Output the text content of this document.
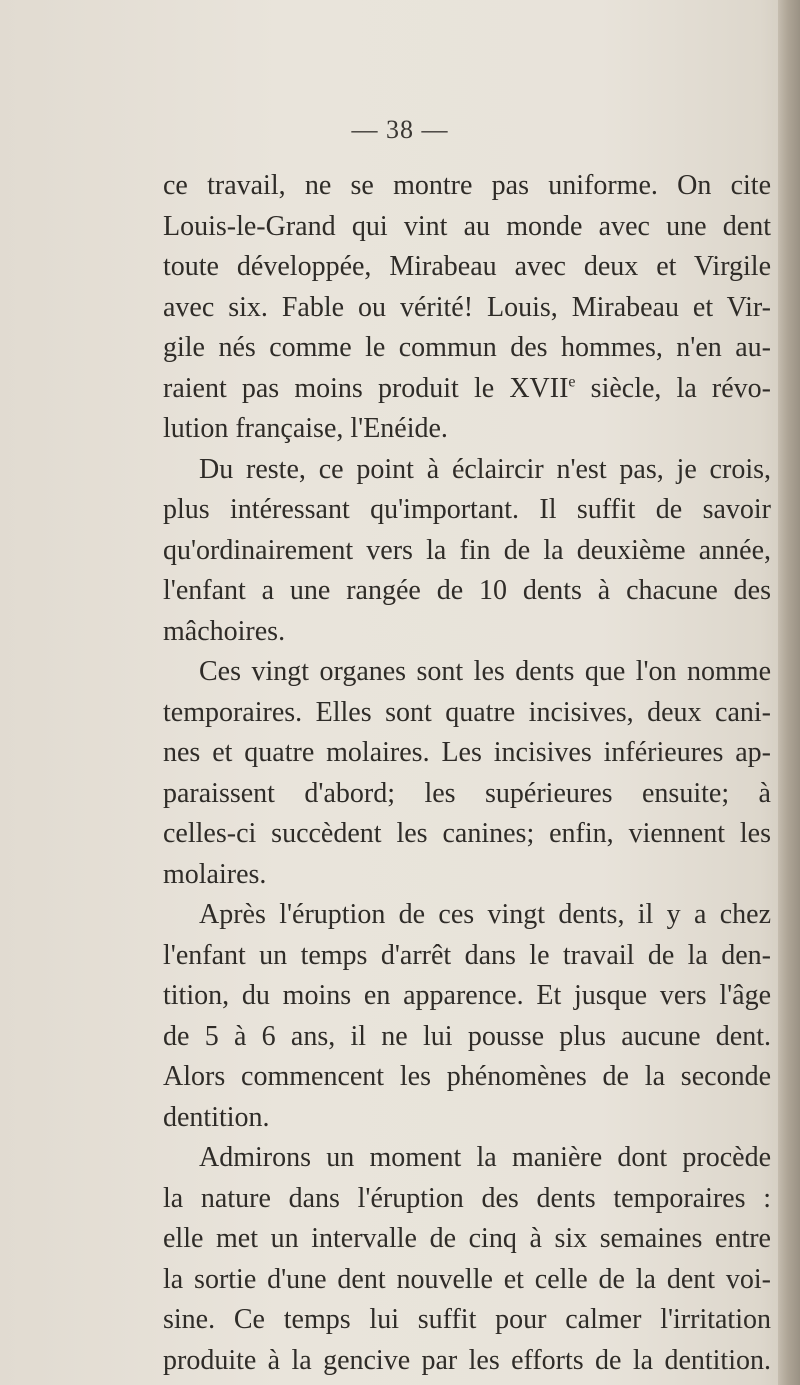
— 38 —
ce travail, ne se montre pas uniforme. On cite
Louis-le-Grand qui vint au monde avec une dent
toute développée, Mirabeau avec deux et Virgile
avec six. Fable ou vérité! Louis, Mirabeau et Vir-
gile nés comme le commun des hommes, n'en au-
raient pas moins produit le XVIIe siècle, la révo-
lution française, l'Enéide.
Du reste, ce point à éclaircir n'est pas, je crois,
plus intéressant qu'important. Il suffit de savoir
qu'ordinairement vers la fin de la deuxième année,
l'enfant a une rangée de 10 dents à chacune des
mâchoires.
Ces vingt organes sont les dents que l'on nomme
temporaires. Elles sont quatre incisives, deux cani-
nes et quatre molaires. Les incisives inférieures ap-
paraissent d'abord; les supérieures ensuite; à
celles-ci succèdent les canines; enfin, viennent les
molaires.
Après l'éruption de ces vingt dents, il y a chez
l'enfant un temps d'arrêt dans le travail de la den-
tition, du moins en apparence. Et jusque vers l'âge
de 5 à 6 ans, il ne lui pousse plus aucune dent.
Alors commencent les phénomènes de la seconde
dentition.
Admirons un moment la manière dont procède
la nature dans l'éruption des dents temporaires :
elle met un intervalle de cinq à six semaines entre
la sortie d'une dent nouvelle et celle de la dent voi-
sine. Ce temps lui suffit pour calmer l'irritation
produite à la gencive par les efforts de la dentition.
